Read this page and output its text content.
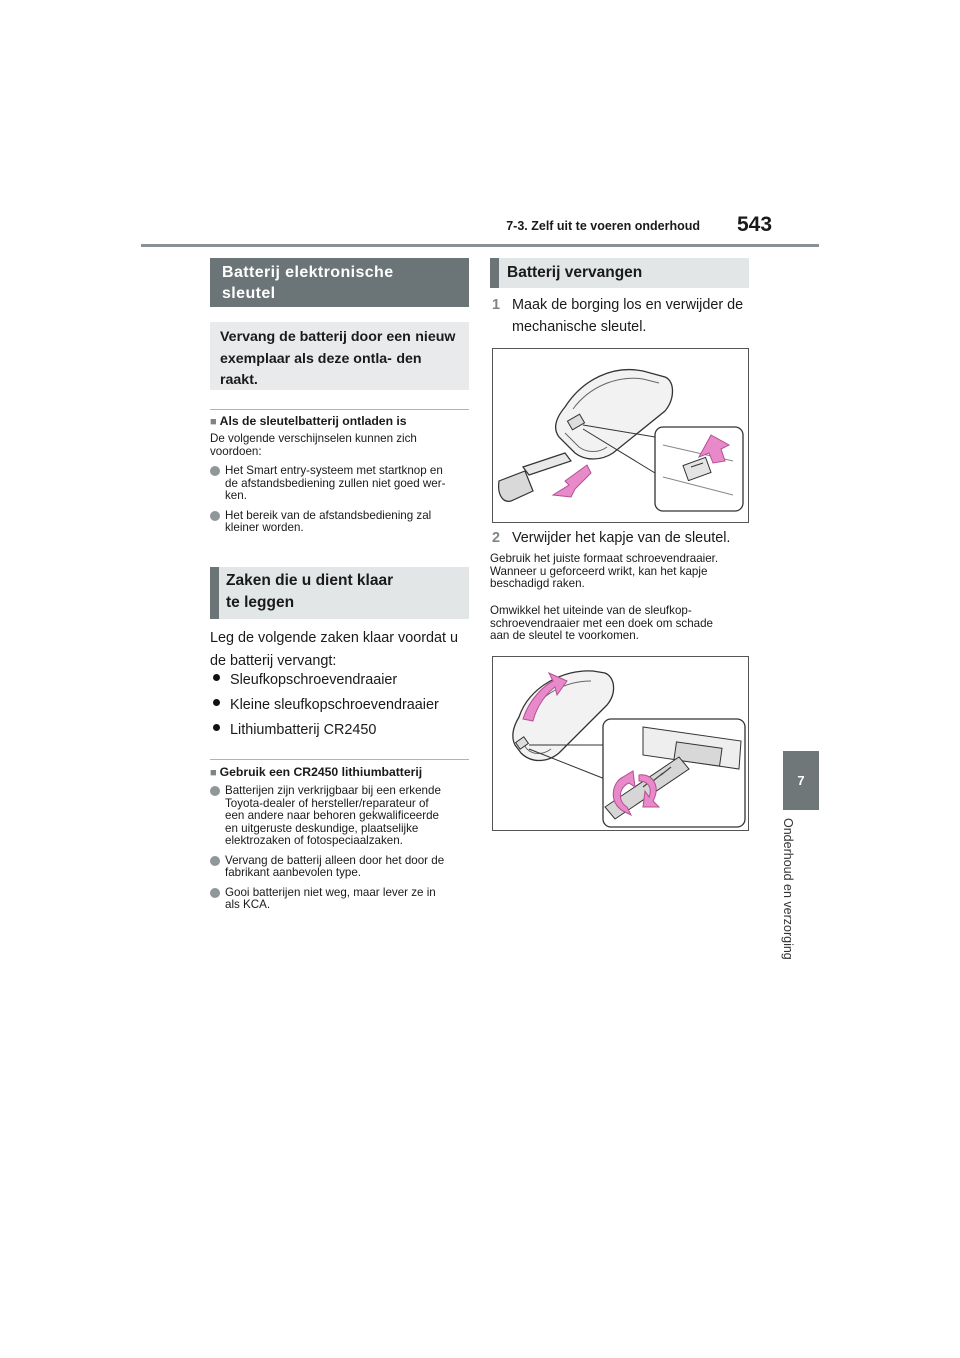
7-3. Zelf uit te voeren onderhoud 543
7
Onderhoud en verzorging
Batterij elektronische
sleutel
Vervang de batterij door een nieuw exemplaar als deze ontla- den raakt.
■ Als de sleutelbatterij ontladen is
De volgende verschijnselen kunnen zich
voordoen:
Het Smart entry-systeem met startknop en
de afstandsbediening zullen niet goed wer-
ken.
Het bereik van de afstandsbediening zal
kleiner worden.
Zaken die u dient klaar
te leggen
Leg de volgende zaken klaar voordat u
de batterij vervangt:
Sleufkopschroevendraaier
Kleine sleufkopschroevendraaier
Lithiumbatterij CR2450
■ Gebruik een CR2450 lithiumbatterij
Batterijen zijn verkrijgbaar bij een erkende
Toyota-dealer of hersteller/reparateur of
een andere naar behoren gekwalificeerde
en uitgeruste deskundige, plaatselijke
elektrozaken of fotospeciaalzaken.
Vervang de batterij alleen door het door de
fabrikant aanbevolen type.
Gooi batterijen niet weg, maar lever ze in
als KCA.
Batterij vervangen
1 Maak de borging los en verwijder de
mechanische sleutel.
2 Verwijder het kapje van de sleutel.
Gebruik het juiste formaat schroevendraaier.
Wanneer u geforceerd wrikt, kan het kapje
beschadigd raken.
Omwikkel het uiteinde van de sleufkop-
schroevendraaier met een doek om schade
aan de sleutel te voorkomen.
